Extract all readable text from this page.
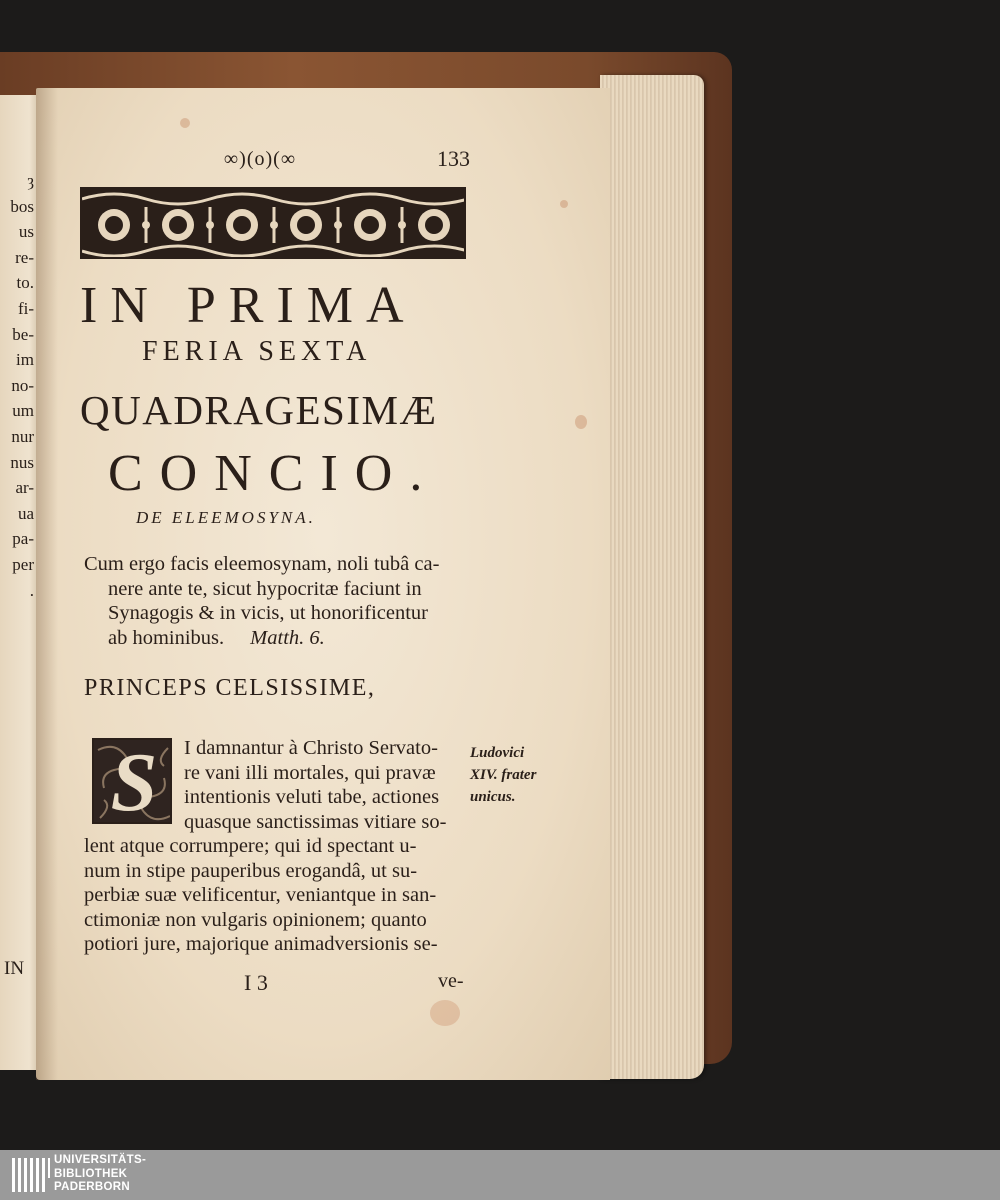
ȝ
bos
us
re-
to.
fi-
be-
im
no-
um
nur
nus
ar-
ua
pa-
per
.
IN
∞)(o)(∞	133
IN PRIMA
FERIA SEXTA
QUADRAGESIMÆ
CONCIO.
DE ELEEMOSYNA.
Cum ergo facis eleemosynam, noli tubâ ca-
nere ante te, sicut hypocritæ faciunt in
Synagogis & in vicis, ut honorificentur
ab hominibus. Matth. 6.
PRINCEPS CELSISSIME,
S	I damnantur à Christo Servato-
re vani illi mortales, qui pravæ
intentionis veluti tabe, actiones
quasque sanctissimas vitiare so-
lent atque corrumpere; qui id spectant u-
num in stipe pauperibus erogandâ, ut su-
perbiæ suæ velificentur, veniantque in san-
ctimoniæ non vulgaris opinionem; quanto
potiori jure, majorique animadversionis se-
Ludovici
XIV. frater
unicus.
I 3	ve-
UNIVERSITÄTS-
BIBLIOTHEK
PADERBORN
